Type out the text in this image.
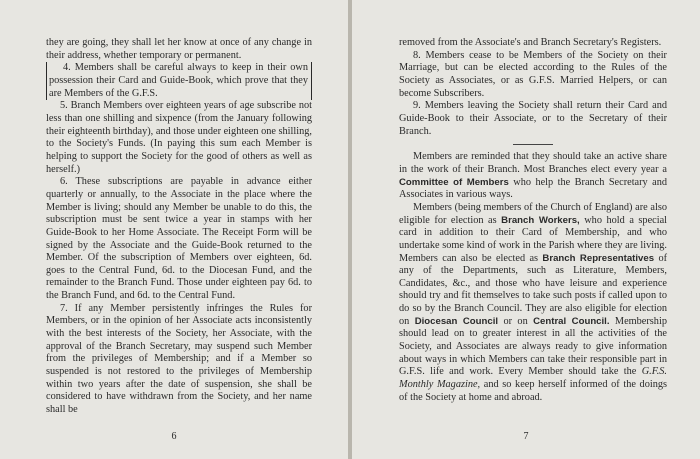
they are going, they shall let her know at once of any change in their address, whether temporary or permanent.

4. Members shall be careful always to keep in their own possession their Card and Guide-Book, which prove that they are Members of the G.F.S.

5. Branch Members over eighteen years of age subscribe not less than one shilling and sixpence (from the January following their eighteenth birthday), and those under eighteen one shilling, to the Society's Funds. (In paying this sum each Member is helping to support the Society for the good of others as well as herself.)

6. These subscriptions are payable in advance either quarterly or annually, to the Associate in the place where the Member is living; should any Member be unable to do this, the subscription must be sent twice a year in stamps with her Guide-Book to her Home Associate. The Receipt Form will be signed by the Associate and the Guide-Book returned to the Member. Of the subscription of Members over eighteen, 6d. goes to the Central Fund, 6d. to the Diocesan Fund, and the remainder to the Branch Fund. Those under eighteen pay 6d. to the Branch Fund, and 6d. to the Central Fund.

7. If any Member persistently infringes the Rules for Members, or in the opinion of her Associate acts inconsistently with the best interests of the Society, her Associate, with the approval of the Branch Secretary, may suspend such Member from the privileges of Membership; and if a Member so suspended is not restored to the privileges of Membership within two years after the date of suspension, she shall be considered to have withdrawn from the Society, and her name shall be

6

removed from the Associate's and Branch Secretary's Registers.

8. Members cease to be Members of the Society on their Marriage, but can be elected according to the Rules of the Society as Associates, or as G.F.S. Married Helpers, or can become Subscribers.

9. Members leaving the Society shall return their Card and Guide-Book to their Associate, or to the Secretary of their Branch.

Members are reminded that they should take an active share in the work of their Branch. Most Branches elect every year a Committee of Members who help the Branch Secretary and Associates in various ways.

Members (being members of the Church of England) are also eligible for election as Branch Workers, who hold a special card in addition to their Card of Membership, and who undertake some kind of work in the Parish where they are living. Members can also be elected as Branch Representatives of any of the Departments, such as Literature, Members, Candidates, &c., and those who have leisure and experience should try and fit themselves to take such posts if called upon to do so by the Branch Council. They are also eligible for election on Diocesan Council or on Central Council. Membership should lead on to greater interest in all the activities of the Society, and Associates are always ready to give information about ways in which Members can take their responsible part in G.F.S. life and work. Every Member should take the G.F.S. Monthly Magazine, and so keep herself informed of the doings of the Society at home and abroad.

7
